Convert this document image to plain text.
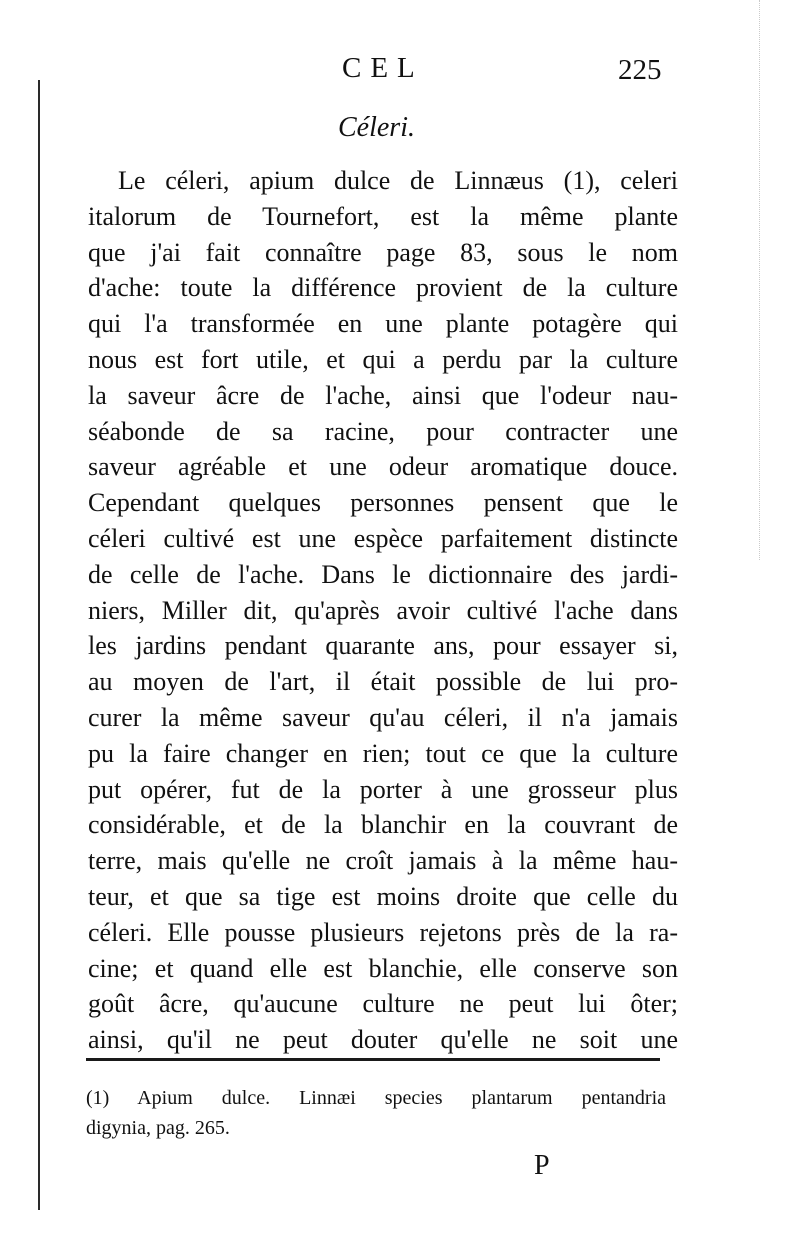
CEL	225
Céleri.
Le céleri, apium dulce de Linnæus (1), celeri
italorum de Tournefort, est la même plante
que j'ai fait connaître page 83, sous le nom
d'ache: toute la différence provient de la culture
qui l'a transformée en une plante potagère qui
nous est fort utile, et qui a perdu par la culture
la saveur âcre de l'ache, ainsi que l'odeur nau-
séabonde de sa racine, pour contracter une
saveur agréable et une odeur aromatique douce.
Cependant quelques personnes pensent que le
céleri cultivé est une espèce parfaitement distincte
de celle de l'ache. Dans le dictionnaire des jardi-
niers, Miller dit, qu'après avoir cultivé l'ache dans
les jardins pendant quarante ans, pour essayer si,
au moyen de l'art, il était possible de lui pro-
curer la même saveur qu'au céleri, il n'a jamais
pu la faire changer en rien; tout ce que la culture
put opérer, fut de la porter à une grosseur plus
considérable, et de la blanchir en la couvrant de
terre, mais qu'elle ne croît jamais à la même hau-
teur, et que sa tige est moins droite que celle du
céleri. Elle pousse plusieurs rejetons près de la ra-
cine; et quand elle est blanchie, elle conserve son
goût âcre, qu'aucune culture ne peut lui ôter;
ainsi, qu'il ne peut douter qu'elle ne soit une
(1) Apium dulce. Linnæi species plantarum pentandria
digynia, pag. 265.
P
